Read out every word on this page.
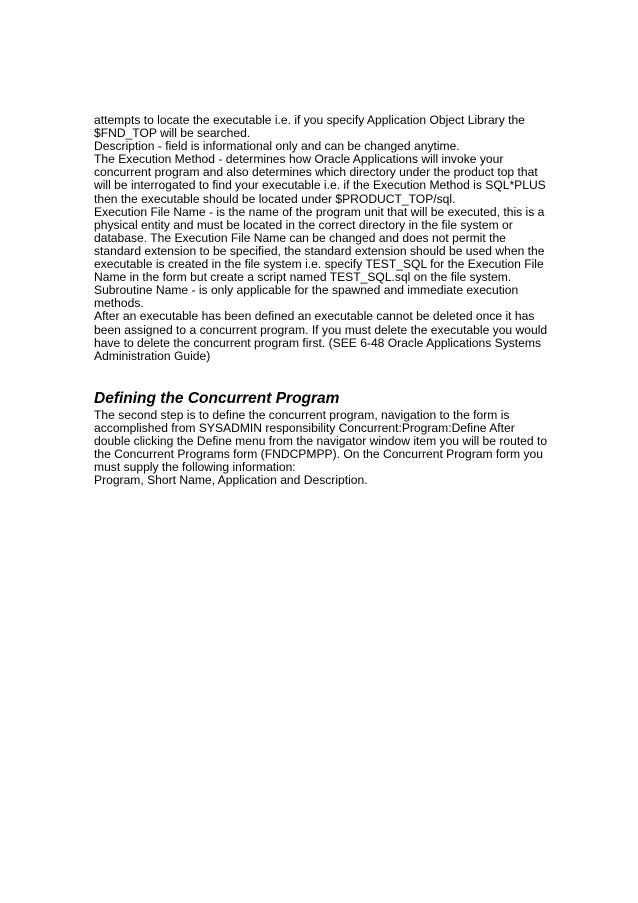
attempts to locate the executable i.e. if you specify Application Object Library the $FND_TOP will be searched.

Description - field is informational only and can be changed anytime.

The Execution Method - determines how Oracle Applications will invoke your concurrent program and also determines which directory under the product top that will be interrogated to find your executable i.e. if the Execution Method is SQL*PLUS then the executable should be located under $PRODUCT_TOP/sql.

Execution File Name - is the name of the program unit that will be executed, this is a physical entity and must be located in the correct directory in the file system or database. The Execution File Name can be changed and does not permit the standard extension to be specified, the standard extension should be used when the executable is created in the file system i.e. specify TEST_SQL for the Execution File Name in the form but create a script named TEST_SQL.sql on the file system.

Subroutine Name - is only applicable for the spawned and immediate execution methods.

After an executable has been defined an executable cannot be deleted once it has been assigned to a concurrent program. If you must delete the executable you would have to delete the concurrent program first. (SEE 6-48 Oracle Applications Systems Administration Guide)

Defining the Concurrent Program

The second step is to define the concurrent program, navigation to the form is accomplished from SYSADMIN responsibility Concurrent:Program:Define After double clicking the Define menu from the navigator window item you will be routed to the Concurrent Programs form (FNDCPMPP). On the Concurrent Program form you must supply the following information:

Program, Short Name, Application and Description.
